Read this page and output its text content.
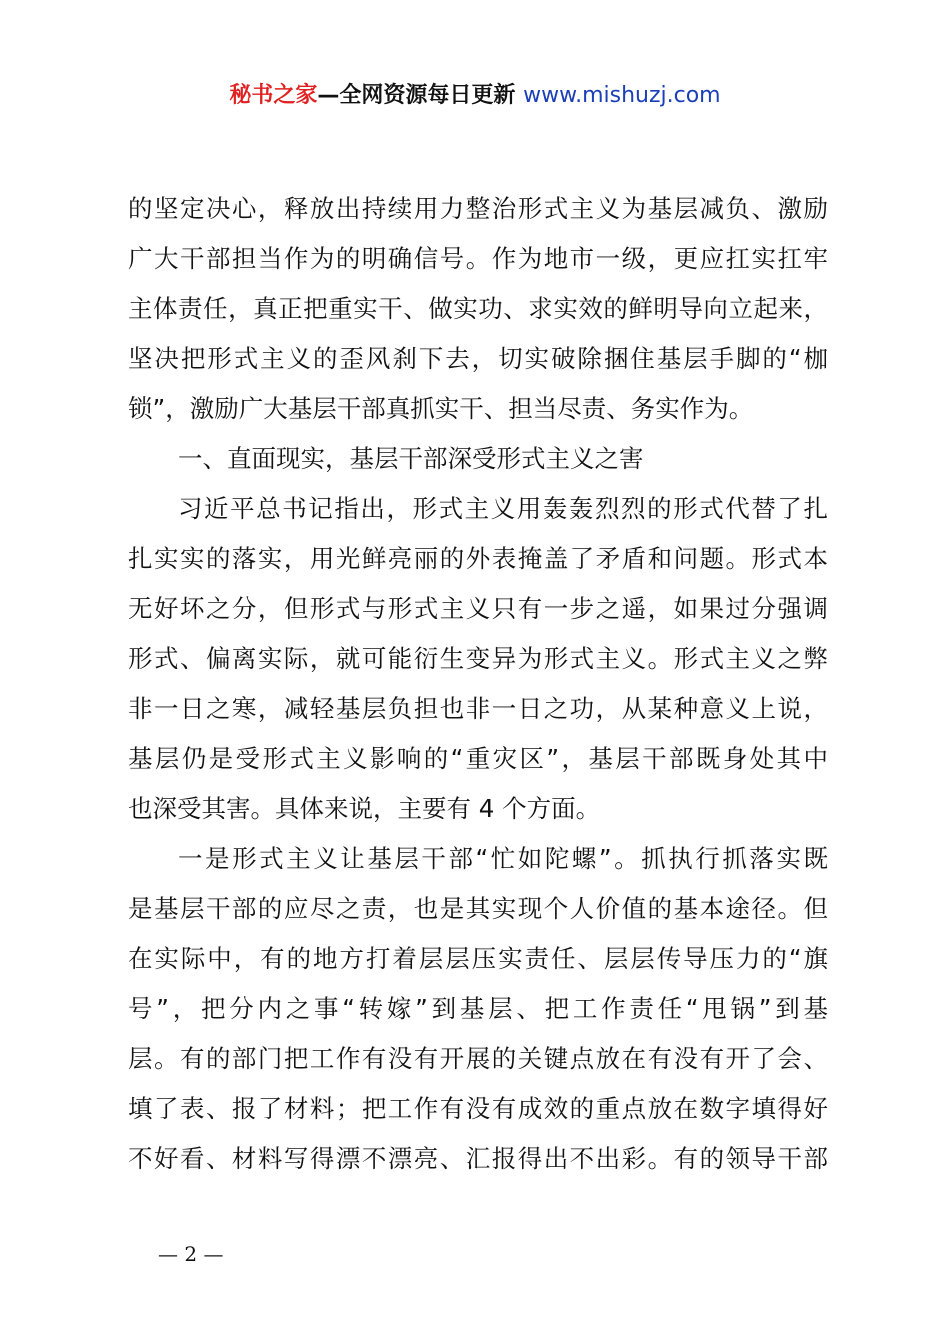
秘书之家—全网资源每日更新 www.mishuzj.com
的坚定决心，释放出持续用力整治形式主义为基层减负、激励
广大干部担当作为的明确信号。作为地市一级，更应扛实扛牢
主体责任，真正把重实干、做实功、求实效的鲜明导向立起来，
坚决把形式主义的歪风刹下去，切实破除捆住基层手脚的“枷
锁”，激励广大基层干部真抓实干、担当尽责、务实作为。
一、直面现实，基层干部深受形式主义之害
习近平总书记指出，形式主义用轰轰烈烈的形式代替了扎
扎实实的落实，用光鲜亮丽的外表掩盖了矛盾和问题。形式本
无好坏之分，但形式与形式主义只有一步之遥，如果过分强调
形式、偏离实际，就可能衍生变异为形式主义。形式主义之弊
非一日之寒，减轻基层负担也非一日之功，从某种意义上说，
基层仍是受形式主义影响的“重灾区”，基层干部既身处其中
也深受其害。具体来说，主要有 4 个方面。
一是形式主义让基层干部“忙如陀螺”。抓执行抓落实既
是基层干部的应尽之责，也是其实现个人价值的基本途径。但
在实际中，有的地方打着层层压实责任、层层传导压力的“旗
号”，把分内之事“转嫁”到基层、把工作责任“甩锅”到基
层。有的部门把工作有没有开展的关键点放在有没有开了会、
填了表、报了材料；把工作有没有成效的重点放在数字填得好
不好看、材料写得漂不漂亮、汇报得出不出彩。有的领导干部
— 2 —
